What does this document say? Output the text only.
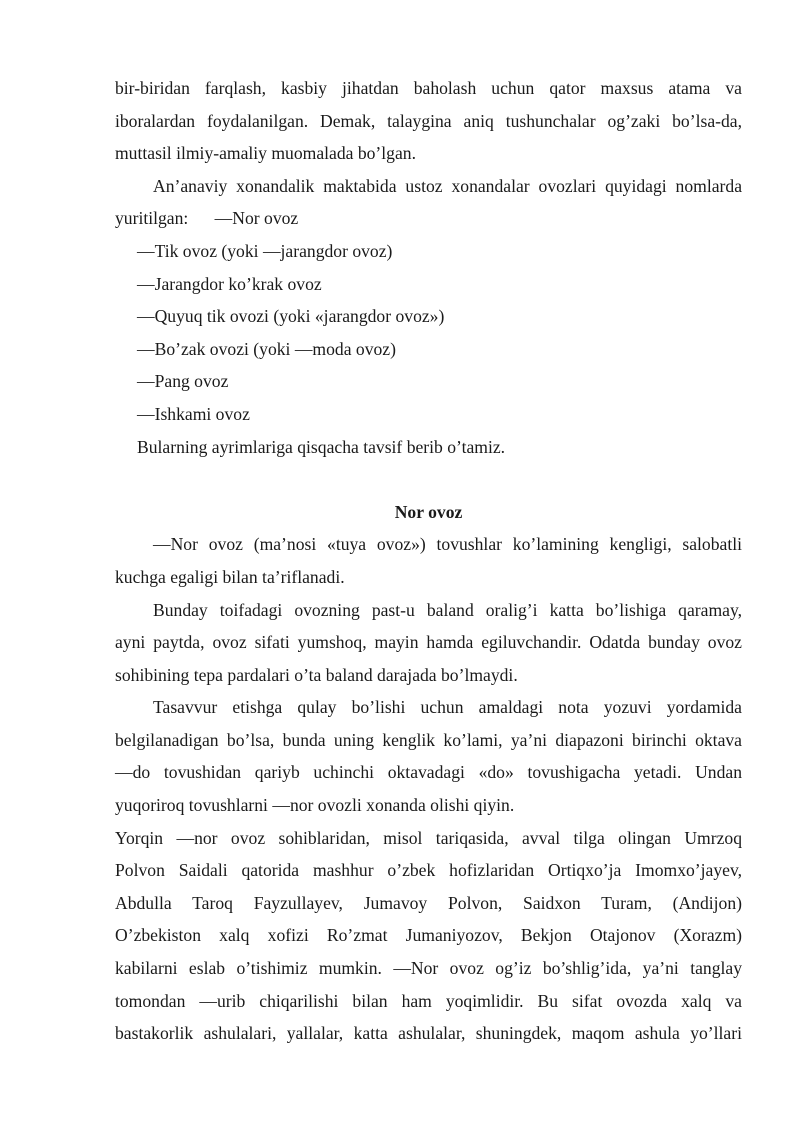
bir-biridan farqlash, kasbiy jihatdan baholash uchun qator maxsus atama va
iboralardan foydalanilgan. Demak, talaygina aniq tushunchalar og’zaki bo’lsa-da,
muttasil ilmiy-amaliy muomalada bo’lgan.
An’anaviy xonandalik maktabida ustoz xonandalar ovozlari quyidagi nomlarda
yuritilgan:      —Nor ovoz
—Tik ovoz (yoki —jarangdor ovoz)
—Jarangdor ko’krak ovoz
—Quyuq tik ovozi (yoki «jarangdor ovoz»)
—Bo’zak ovozi (yoki —moda ovoz)
—Pang ovoz
—Ishkami ovoz
Bularning ayrimlariga qisqacha tavsif berib o’tamiz.
Nor ovoz
—Nor ovoz (ma’nosi «tuya ovoz») tovushlar ko’lamining kengligi, salobatli
kuchga egaligi bilan ta’riflanadi.
Bunday toifadagi ovozning past-u baland oralig’i katta bo’lishiga qaramay,
ayni paytda, ovoz sifati yumshoq, mayin hamda egiluvchandir. Odatda bunday ovoz
sohibining tepa pardalari o’ta baland darajada bo’lmaydi.
Tasavvur etishga qulay bo’lishi uchun amaldagi nota yozuvi yordamida
belgilanadigan bo’lsa, bunda uning kenglik ko’lami, ya’ni diapazoni birinchi oktava
—do tovushidan qariyb uchinchi oktavadagi «do» tovushigacha yetadi. Undan
yuqoriroq tovushlarni —nor ovozli xonanda olishi qiyin.
Yorqin —nor ovoz sohiblaridan, misol tariqasida, avval tilga olingan Umrzoq
Polvon Saidali qatorida mashhur o’zbek hofizlaridan Ortiqxo’ja Imomxo’jayev,
Abdulla Taroq Fayzullayev, Jumavoy Polvon, Saidxon Turam, (Andijon)
O’zbekiston xalq xofizi Ro’zmat Jumaniyozov, Bekjon Otajonov (Xorazm)
kabilarni eslab o’tishimiz mumkin. —Nor ovoz og’iz bo’shlig’ida, ya’ni tanglay
tomondan —urib chiqarilishi bilan ham yoqimlidir. Bu sifat ovozda xalq va
bastakorlik ashulalari, yallalar, katta ashulalar, shuningdek, maqom ashula yo’llari
